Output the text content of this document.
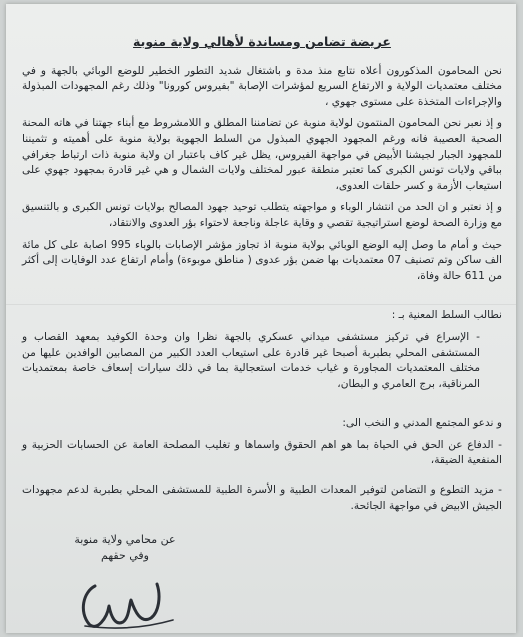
عريضة تضامن ومساندة لأهالي ولاية منوبة

نحن المحامون المذكورون أعلاه نتابع منذ مدة و باشتغال شديد التطور الخطير للوضع الوبائي بالجهة و في مختلف معتمديات الولاية و الارتفاع السريع لمؤشرات الإصابة "بفيروس كورونا" وذلك رغم المجهودات المبذولة والإجراءات المتخذة على مستوى جهوي ،

و إذ نعبر نحن المحامون المنتمون لولاية منوبة عن تضامننا المطلق و اللامشروط مع أبناء جهتنا في هاته المحنة الصحية العصيبة فانه ورغم المجهود الجهوي المبذول من السلط الجهوية بولاية منوبة على أهميته و تثميننا للمجهود الجبار لجيشنا الأبيض في مواجهة الفيروس، يظل غير كاف باعتبار ان ولاية منوبة ذات ارتباط جغرافي بباقي ولايات تونس الكبرى كما تعتبر منطقة عبور لمختلف ولايات الشمال و هي غير قادرة بمجهود جهوي على استيعاب الأزمة و كسر حلقات العدوى،

و إذ نعتبر و ان الحد من انتشار الوباء و مواجهته يتطلب توحيد جهود المصالح بولايات تونس الكبرى و بالتنسيق مع وزارة الصحة لوضع استراتيجية تقصي و وقاية عاجلة وناجعة لاحتواء بؤر العدوى والانتقاد،

حيث و أمام ما وصل إليه الوضع الوبائي بولاية منوبة اذ تجاوز مؤشر الإصابات بالوباء 995 اصابة على كل مائة الف ساكن وتم تصنيف 07 معتمديات بها ضمن بؤر عدوى ( مناطق موبوءة) وأمام ارتفاع عدد الوفايات إلى أكثر من 611 حالة وفاة،

نطالب السلط المعنية بـ :

- الإسراع في تركيز مستشفى ميداني عسكري بالجهة نظرا وان وحدة الكوفيد بمعهد القصاب و المستشفى المحلي بطبربة أصبحا غير قادرة على استيعاب العدد الكبير من المصابين الوافدين عليها من مختلف المعتمديات المجاورة و غياب خدمات استعجالية بما في ذلك سيارات إسعاف خاصة بمعتمديات المرناقية، برج العامري و البطان،

و ندعو المجتمع المدني و النخب الى:

- الدفاع عن الحق في الحياة بما هو اهم الحقوق واسماها و تغليب المصلحة العامة عن الحسابات الحزبية و المنفعية الضيقة،

- مزيد التطوع و التضامن لتوفير المعدات الطبية و الأسرة الطبية للمستشفى المحلي بطبربة لدعم مجهودات الجيش الابيض في مواجهة الجائحة.

عن محامي ولاية منوبة
وفي حقهم
